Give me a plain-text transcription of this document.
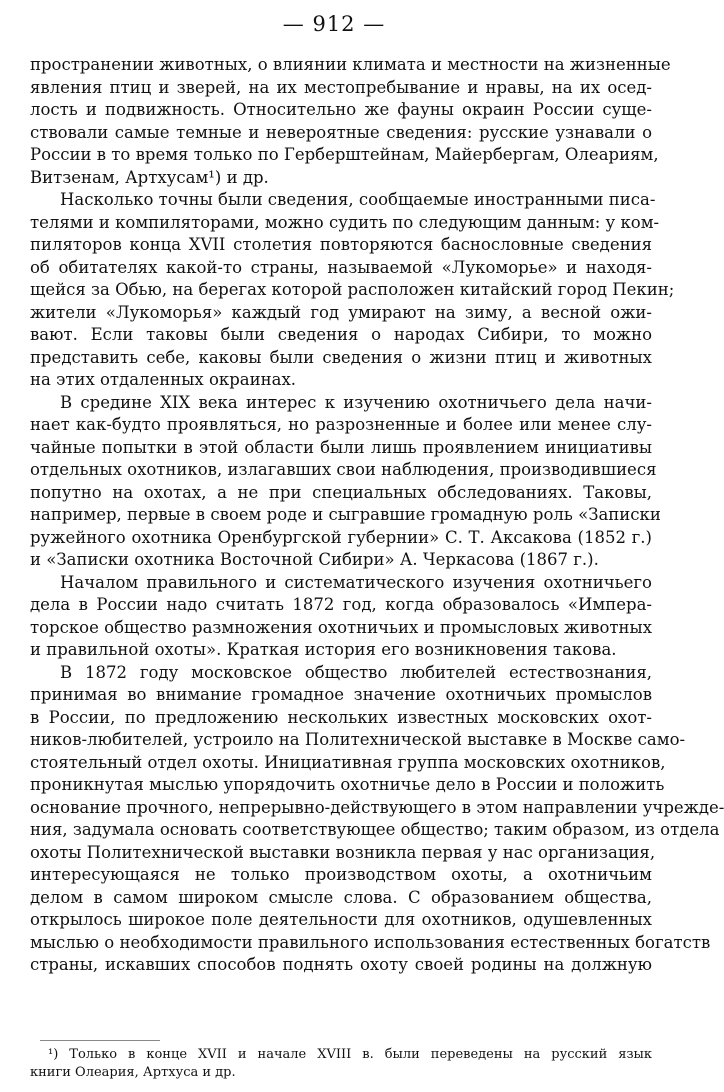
— 912 —
пространении животных, о влиянии климата и местности на жизненные
явления птиц и зверей, на их местопребывание и нравы, на их осед-
лость и подвижность. Относительно же фауны окраин России суще-
ствовали самые темные и невероятные сведения: русские узнавали о
России в то время только по Герберштейнам, Майербергам, Олеариям,
Витзенам, Артхусам¹) и др.
Насколько точны были сведения, сообщаемые иностранными писа-
телями и компиляторами, можно судить по следующим данным: у ком-
пиляторов конца XVII столетия повторяются баснословные сведения
об обитателях какой-то страны, называемой «Лукоморье» и находя-
щейся за Обью, на берегах которой расположен китайский город Пекин;
жители «Лукоморья» каждый год умирают на зиму, а весной ожи-
вают. Если таковы были сведения о народах Сибири, то можно
представить себе, каковы были сведения о жизни птиц и животных
на этих отдаленных окраинах.
В средине XIX века интерес к изучению охотничьего дела начи-
нает как-будто проявляться, но разрозненные и более или менее слу-
чайные попытки в этой области были лишь проявлением инициативы
отдельных охотников, излагавших свои наблюдения, производившиеся
попутно на охотах, а не при специальных обследованиях. Таковы,
например, первые в своем роде и сыгравшие громадную роль «Записки
ружейного охотника Оренбургской губернии» С. Т. Аксакова (1852 г.)
и «Записки охотника Восточной Сибири» А. Черкасова (1867 г.).
Началом правильного и систематического изучения охотничьего
дела в России надо считать 1872 год, когда образовалось «Импера-
торское общество размножения охотничьих и промысловых животных
и правильной охоты». Краткая история его возникновения такова.
В 1872 году московское общество любителей естествознания,
принимая во внимание громадное значение охотничьих промыслов
в России, по предложению нескольких известных московских охот-
ников-любителей, устроило на Политехнической выставке в Москве само-
стоятельный отдел охоты. Инициативная группа московских охотников,
проникнутая мыслью упорядочить охотничье дело в России и положить
основание прочного, непрерывно-действующего в этом направлении учрежде-
ния, задумала основать соответствующее общество; таким образом, из отдела
охоты Политехнической выставки возникла первая у нас организация,
интересующаяся не только производством охоты, а охотничьим
делом в самом широком смысле слова. С образованием общества,
открылось широкое поле деятельности для охотников, одушевленных
мыслью о необходимости правильного использования естественных богатств
страны, искавших способов поднять охоту своей родины на должную
¹) Только в конце XVII и начале XVIII в. были переведены на русский язык
книги Олеария, Артхуса и др.
